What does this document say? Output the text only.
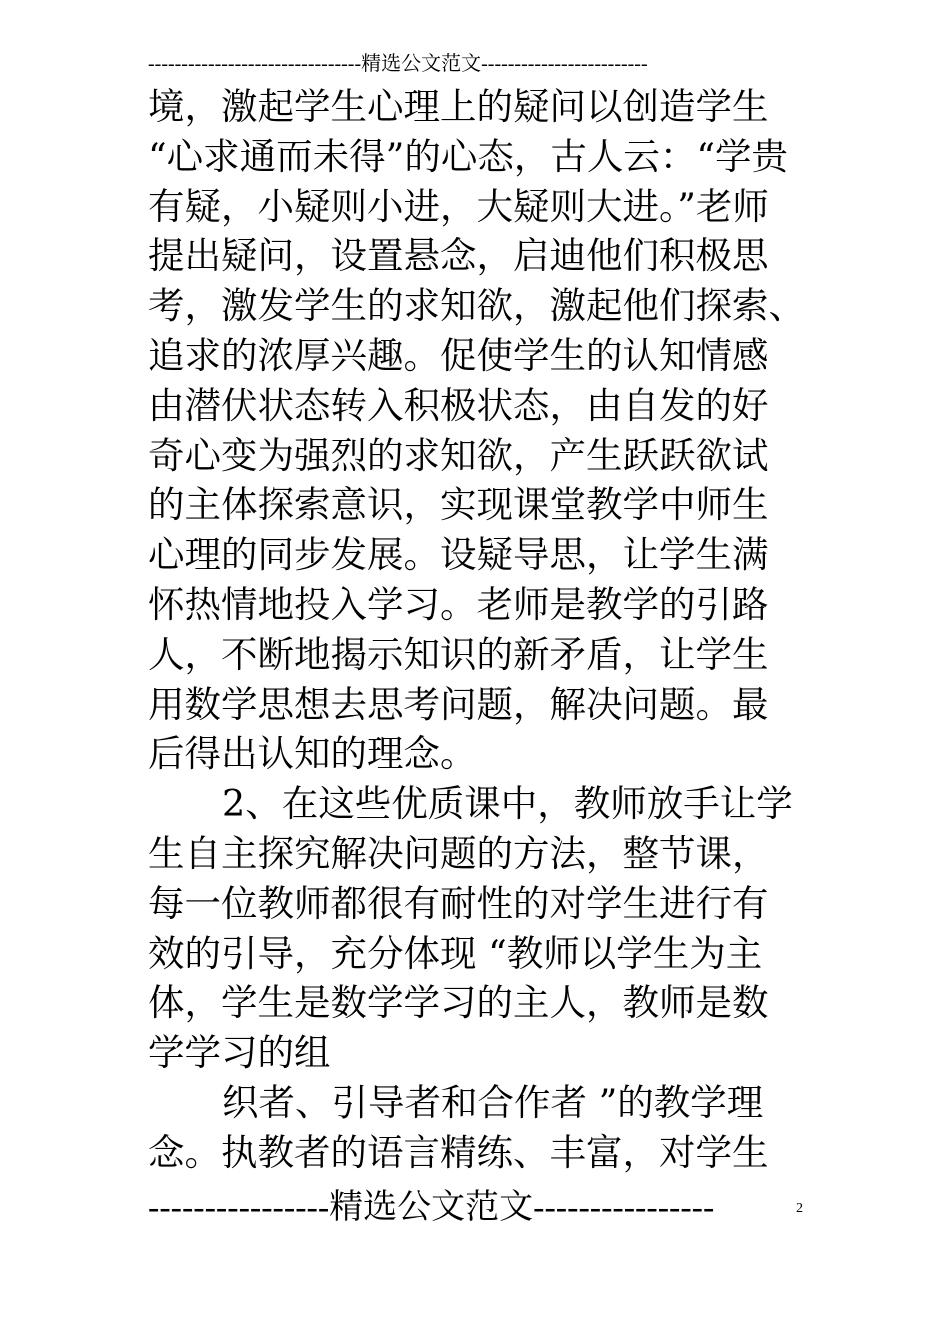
--------------------------------精选公文范文-------------------------
境，激起学生心理上的疑问以创造学生
“心求通而未得”的心态，古人云：“学贵
有疑，小疑则小进，大疑则大进。”老师
提出疑问，设置悬念，启迪他们积极思
考，激发学生的求知欲，激起他们探索、
追求的浓厚兴趣。促使学生的认知情感
由潜伏状态转入积极状态，由自发的好
奇心变为强烈的求知欲，产生跃跃欲试
的主体探索意识，实现课堂教学中师生
心理的同步发展。设疑导思，让学生满
怀热情地投入学习。老师是教学的引路
人，不断地揭示知识的新矛盾，让学生
用数学思想去思考问题，解决问题。最
后得出认知的理念。
2、在这些优质课中，教师放手让学
生自主探究解决问题的方法，整节课，
每一位教师都很有耐性的对学生进行有
效的引导，充分体现 “教师以学生为主
体，学生是数学学习的主人，教师是数
学学习的组
织者、引导者和合作者 ”的教学理
念。执教者的语言精练、丰富，对学生
----------------精选公文范文----------------	2
